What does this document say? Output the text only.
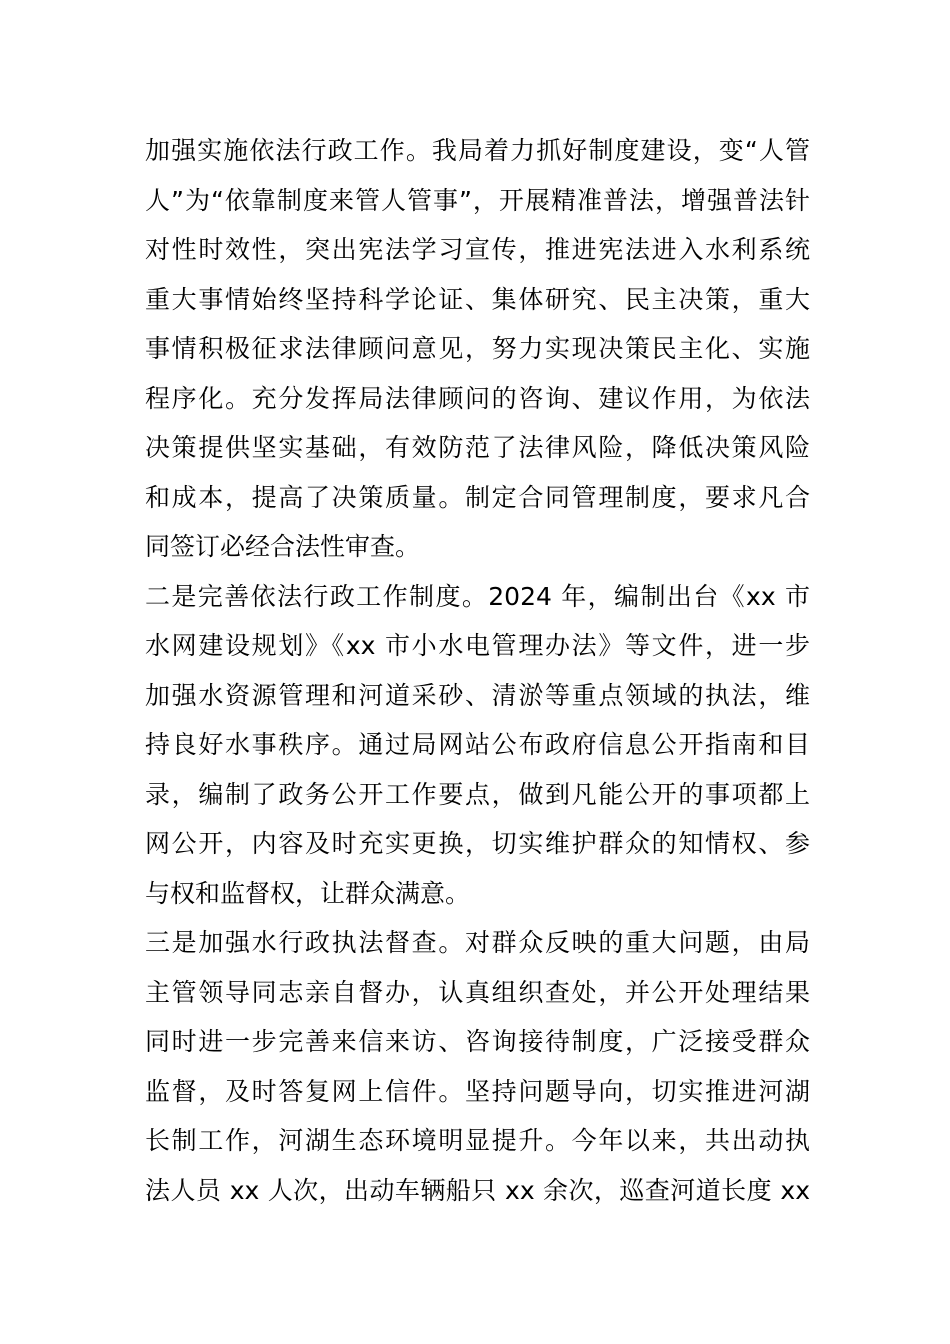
加强实施依法行政工作。我局着力抓好制度建设，变“人管
人”为“依靠制度来管人管事”，开展精准普法，增强普法针
对性时效性，突出宪法学习宣传，推进宪法进入水利系统
重大事情始终坚持科学论证、集体研究、民主决策，重大
事情积极征求法律顾问意见，努力实现决策民主化、实施
程序化。充分发挥局法律顾问的咨询、建议作用，为依法
决策提供坚实基础，有效防范了法律风险，降低决策风险
和成本，提高了决策质量。制定合同管理制度，要求凡合
同签订必经合法性审查。

二是完善依法行政工作制度。2024 年，编制出台《xx 市
水网建设规划》《xx 市小水电管理办法》等文件，进一步
加强水资源管理和河道采砂、清淤等重点领域的执法，维
持良好水事秩序。通过局网站公布政府信息公开指南和目
录，编制了政务公开工作要点，做到凡能公开的事项都上
网公开，内容及时充实更换，切实维护群众的知情权、参
与权和监督权，让群众满意。

三是加强水行政执法督查。对群众反映的重大问题，由局
主管领导同志亲自督办，认真组织查处，并公开处理结果
同时进一步完善来信来访、咨询接待制度，广泛接受群众
监督，及时答复网上信件。坚持问题导向，切实推进河湖
长制工作，河湖生态环境明显提升。今年以来，共出动执
法人员 xx 人次，出动车辆船只 xx 余次，巡查河道长度 xx
